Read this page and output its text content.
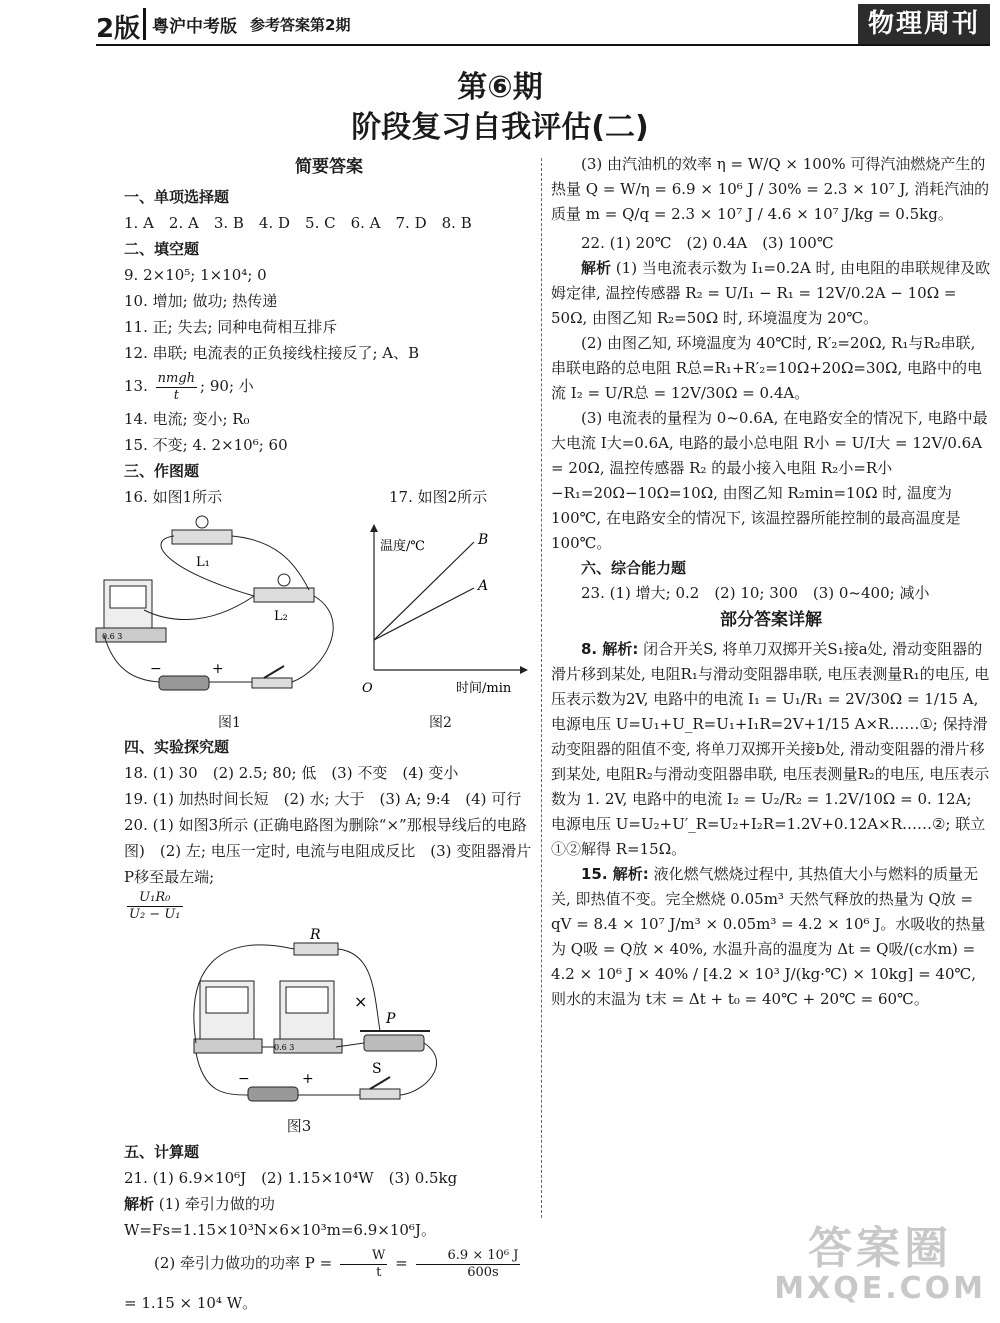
2版 粤沪中考版 参考答案第2期	物理周刊
第⑥期
阶段复习自我评估(二)
简要答案

一、单项选择题

1. A　2. A　3. B　4. D　5. C　6. A　7. D　8. B

二、填空题

9. 2×10⁵; 1×10⁴; 0

10. 增加; 做功; 热传递

11. 正; 失去; 同种电荷相互排斥

12. 串联; 电流表的正负接线柱接反了; A、B

13. nmgh
t	; 90; 小

14. 电流; 变小; R₀

15. 不变; 4. 2×10⁶; 60

三、作图题

16. 如图1所示	17. 如图2所示

L₁
L₂
−	+
0.6 3
温度/℃
时间/min
O
B
A

图1	图2

四、实验探究题

18. (1) 30　(2) 2.5; 80; 低　(3) 不变　(4) 变小

19. (1) 加热时间长短　(2) 水; 大于　(3) A; 9:4　(4) 可行

20. (1) 如图3所示 (正确电路图为删除“×”那根导线后的电路图)　(2) 左; 电压一定时, 电流与电阻成反比　(3) 变阻器滑片P移至最左端;

$\frac{\text{U₁R₀}}{\text{U₂ − U₁}}$

×
R
P
S
−	+
0.6 3

图3

五、计算题

21. (1) 6.9×10⁶J　(2) 1.15×10⁴W　(3) 0.5kg

解析 (1) 牵引力做的功 W=Fs=1.15×10³N×6×10³m=6.9×10⁶J。

(2) 牵引力做功的功率 $P = \frac{W}{t} = \frac{\text{6.9 × 10⁶ J}}{600s}$
= 1.15 × 10⁴ W。

(3) 由汽油机的效率 η = W/Q × 100% 可得汽油燃烧产生的热量 Q = W/η = 6.9 × 10⁶ J / 30% = 2.3 × 10⁷ J, 消耗汽油的质量 m = Q/q = 2.3 × 10⁷ J / 4.6 × 10⁷ J/kg = 0.5kg。

22. (1) 20℃　(2) 0.4A　(3) 100℃

解析 (1) 当电流表示数为 I₁=0.2A 时, 由电阻的串联规律及欧姆定律, 温控传感器 R₂ = U/I₁ − R₁ = 12V/0.2A − 10Ω = 50Ω, 由图乙知 R₂=50Ω 时, 环境温度为 20℃。

(2) 由图乙知, 环境温度为 40℃时, R′₂=20Ω, R₁与R₂串联, 串联电路的总电阻 R总=R₁+R′₂=10Ω+20Ω=30Ω, 电路中的电流 I₂ = U/R总 = 12V/30Ω = 0.4A。

(3) 电流表的量程为 0~0.6A, 在电路安全的情况下, 电路中最大电流 I大=0.6A, 电路的最小总电阻 R小 = U/I大 = 12V/0.6A = 20Ω, 温控传感器 R₂ 的最小接入电阻 R₂小=R小−R₁=20Ω−10Ω=10Ω, 由图乙知 R₂min=10Ω 时, 温度为 100℃, 在电路安全的情况下, 该温控器所能控制的最高温度是 100℃。

六、综合能力题

23. (1) 增大; 0.2　(2) 10; 300　(3) 0~400; 减小

部分答案详解

8. 解析: 闭合开关S, 将单刀双掷开关S₁接a处, 滑动变阻器的滑片移到某处, 电阻R₁与滑动变阻器串联, 电压表测量R₁的电压, 电压表示数为2V, 电路中的电流 I₁ = U₁/R₁ = 2V/30Ω = 1/15 A, 电源电压 U=U₁+U_R=U₁+I₁R=2V+1/15 A×R……①; 保持滑动变阻器的阻值不变, 将单刀双掷开关接b处, 滑动变阻器的滑片移到某处, 电阻R₂与滑动变阻器串联, 电压表测量R₂的电压, 电压表示数为 1. 2V, 电路中的电流 I₂ = U₂/R₂ = 1.2V/10Ω = 0. 12A; 电源电压 U=U₂+U′_R=U₂+I₂R=1.2V+0.12A×R……②; 联立①②解得 R=15Ω。

15. 解析: 液化燃气燃烧过程中, 其热值大小与燃料的质量无关, 即热值不变。完全燃烧 0.05m³ 天然气释放的热量为 Q放 = qV = 8.4 × 10⁷ J/m³ × 0.05m³ = 4.2 × 10⁶ J。水吸收的热量为 Q吸 = Q放 × 40%, 水温升高的温度为 Δt = Q吸/(c水m) = 4.2 × 10⁶ J × 40% / [4.2 × 10³ J/(kg·℃) × 10kg] = 40℃, 则水的末温为 t末 = Δt + t₀ = 40℃ + 20℃ = 60℃。

答案圈
MXQE.COM
